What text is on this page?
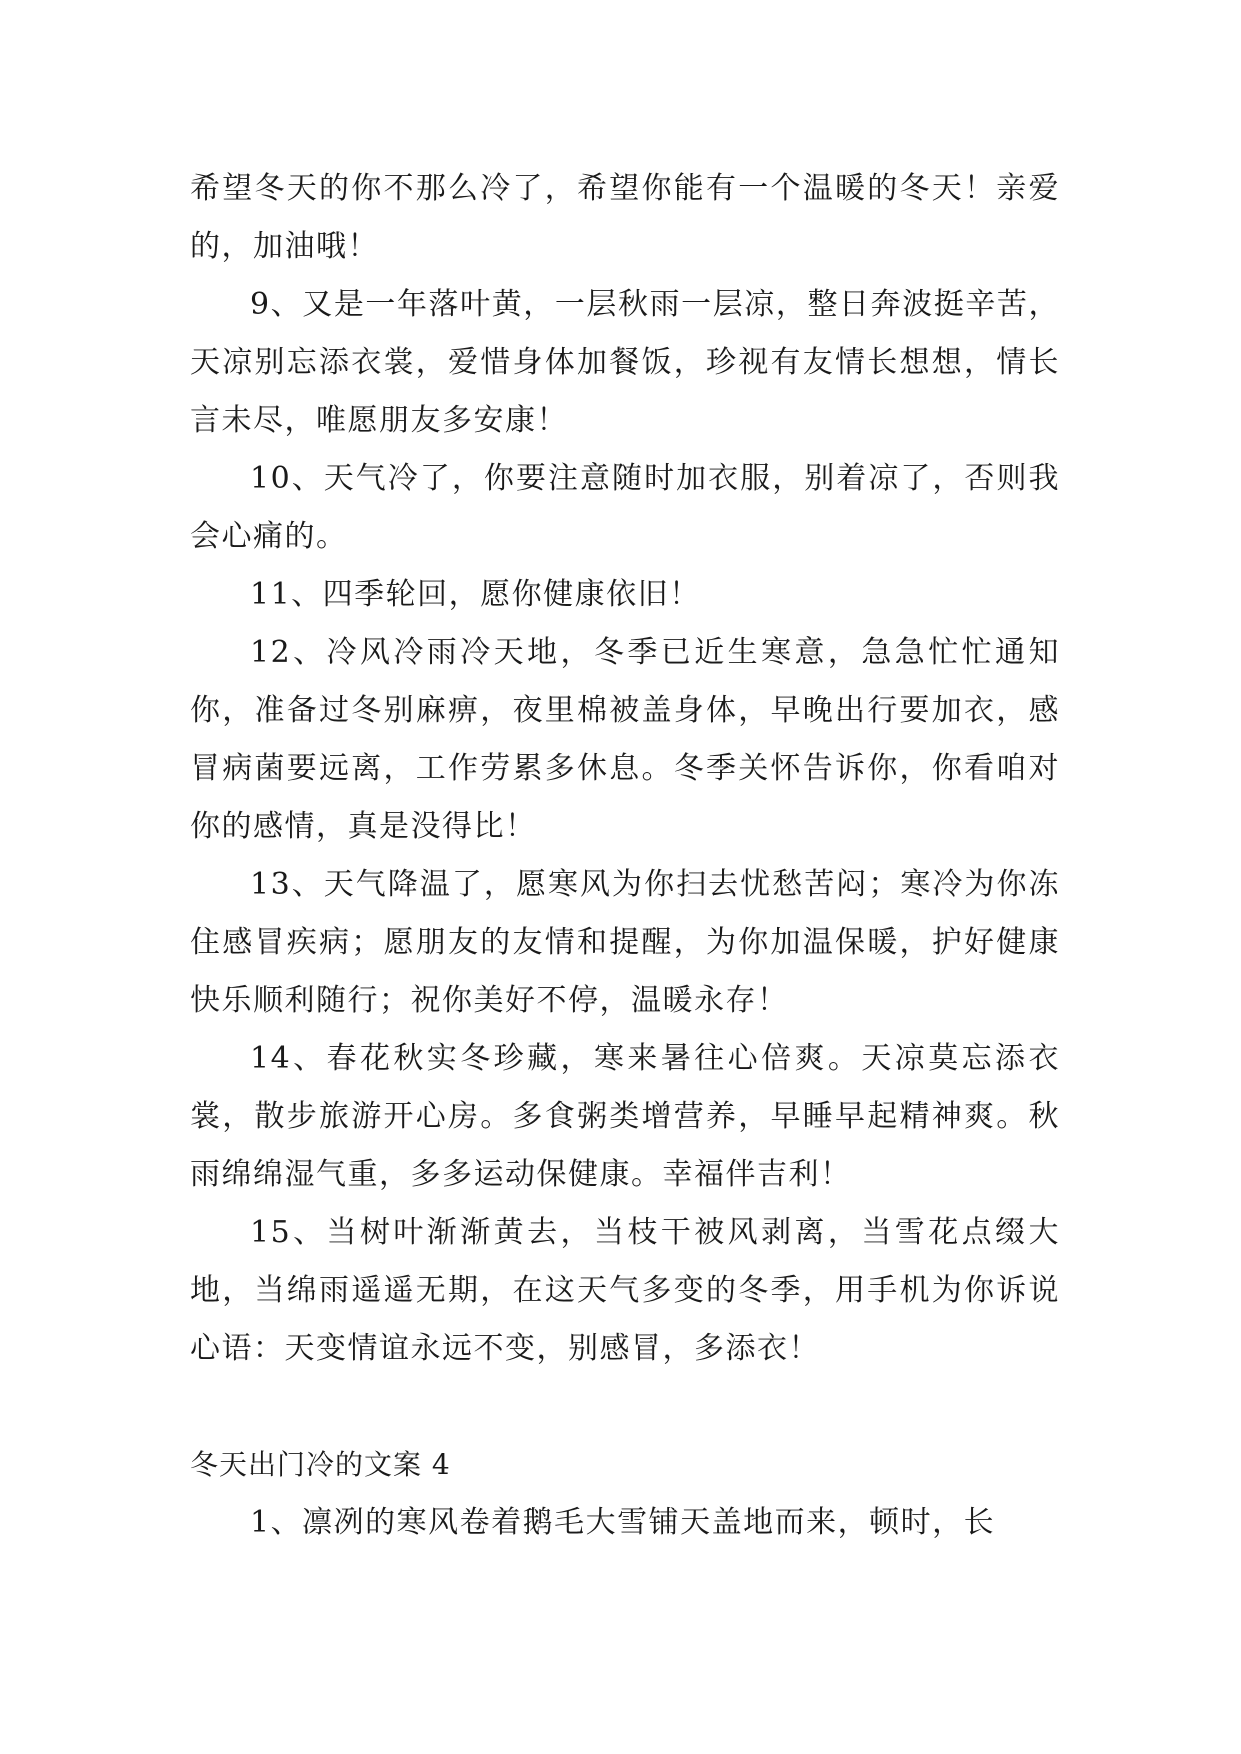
希望冬天的你不那么冷了，希望你能有一个温暖的冬天！亲爱的，加油哦！

9、又是一年落叶黄，一层秋雨一层凉，整日奔波挺辛苦，天凉别忘添衣裳，爱惜身体加餐饭，珍视有友情长想想，情长言未尽，唯愿朋友多安康！

10、天气冷了，你要注意随时加衣服，别着凉了，否则我会心痛的。

11、四季轮回，愿你健康依旧！

12、冷风冷雨冷天地，冬季已近生寒意，急急忙忙通知你，准备过冬别麻痹，夜里棉被盖身体，早晚出行要加衣，感冒病菌要远离，工作劳累多休息。冬季关怀告诉你，你看咱对你的感情，真是没得比！

13、天气降温了，愿寒风为你扫去忧愁苦闷；寒冷为你冻住感冒疾病；愿朋友的友情和提醒，为你加温保暖，护好健康快乐顺利随行；祝你美好不停，温暖永存！

14、春花秋实冬珍藏，寒来暑往心倍爽。天凉莫忘添衣裳，散步旅游开心房。多食粥类增营养，早睡早起精神爽。秋雨绵绵湿气重，多多运动保健康。幸福伴吉利！

15、当树叶渐渐黄去，当枝干被风剥离，当雪花点缀大地，当绵雨遥遥无期，在这天气多变的冬季，用手机为你诉说心语：天变情谊永远不变，别感冒，多添衣！

冬天出门冷的文案 4

1、凛冽的寒风卷着鹅毛大雪铺天盖地而来，顿时，长
